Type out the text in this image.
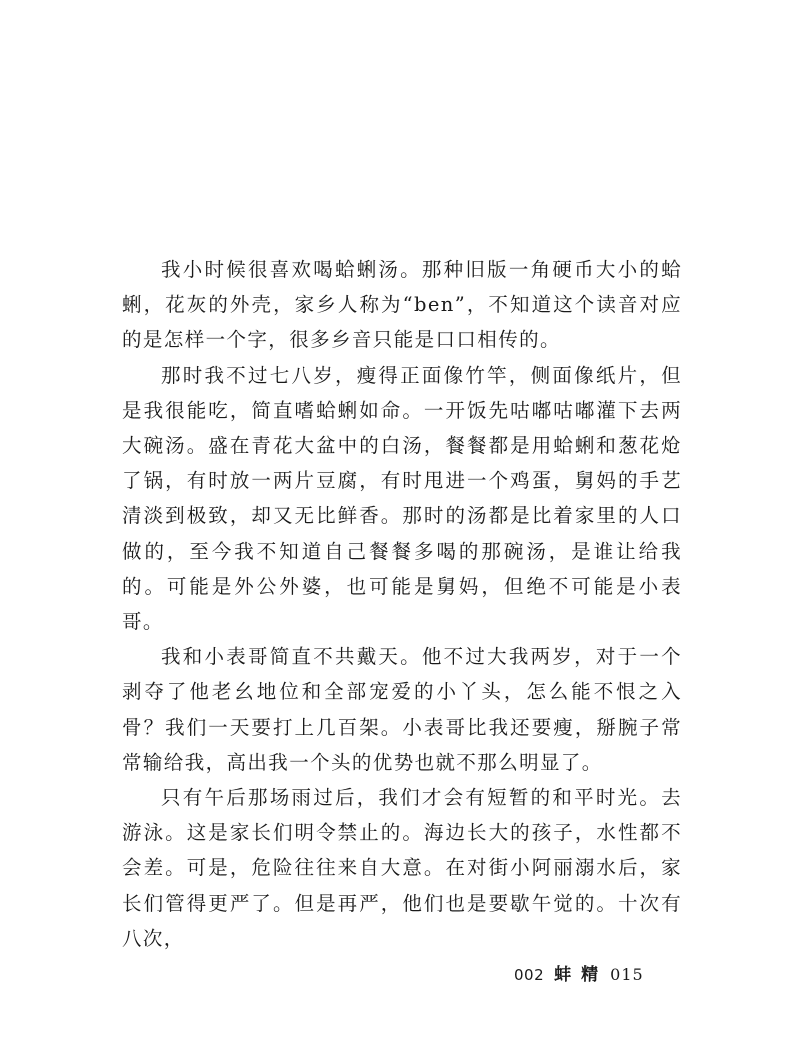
我小时候很喜欢喝蛤蜊汤。那种旧版一角硬币大小的蛤蜊，花灰的外壳，家乡人称为“ben”，不知道这个读音对应的是怎样一个字，很多乡音只能是口口相传的。

那时我不过七八岁，瘦得正面像竹竿，侧面像纸片，但是我很能吃，简直嗜蛤蜊如命。一开饭先咕嘟咕嘟灌下去两大碗汤。盛在青花大盆中的白汤，餐餐都是用蛤蜊和葱花炝了锅，有时放一两片豆腐，有时甩进一个鸡蛋，舅妈的手艺清淡到极致，却又无比鲜香。那时的汤都是比着家里的人口做的，至今我不知道自己餐餐多喝的那碗汤，是谁让给我的。可能是外公外婆，也可能是舅妈，但绝不可能是小表哥。

我和小表哥简直不共戴天。他不过大我两岁，对于一个剥夺了他老幺地位和全部宠爱的小丫头，怎么能不恨之入骨？我们一天要打上几百架。小表哥比我还要瘦，掰腕子常常输给我，高出我一个头的优势也就不那么明显了。

只有午后那场雨过后，我们才会有短暂的和平时光。去游泳。这是家长们明令禁止的。海边长大的孩子，水性都不会差。可是，危险往往来自大意。在对街小阿丽溺水后，家长们管得更严了。但是再严，他们也是要歇午觉的。十次有八次，

002 蚌精 015
